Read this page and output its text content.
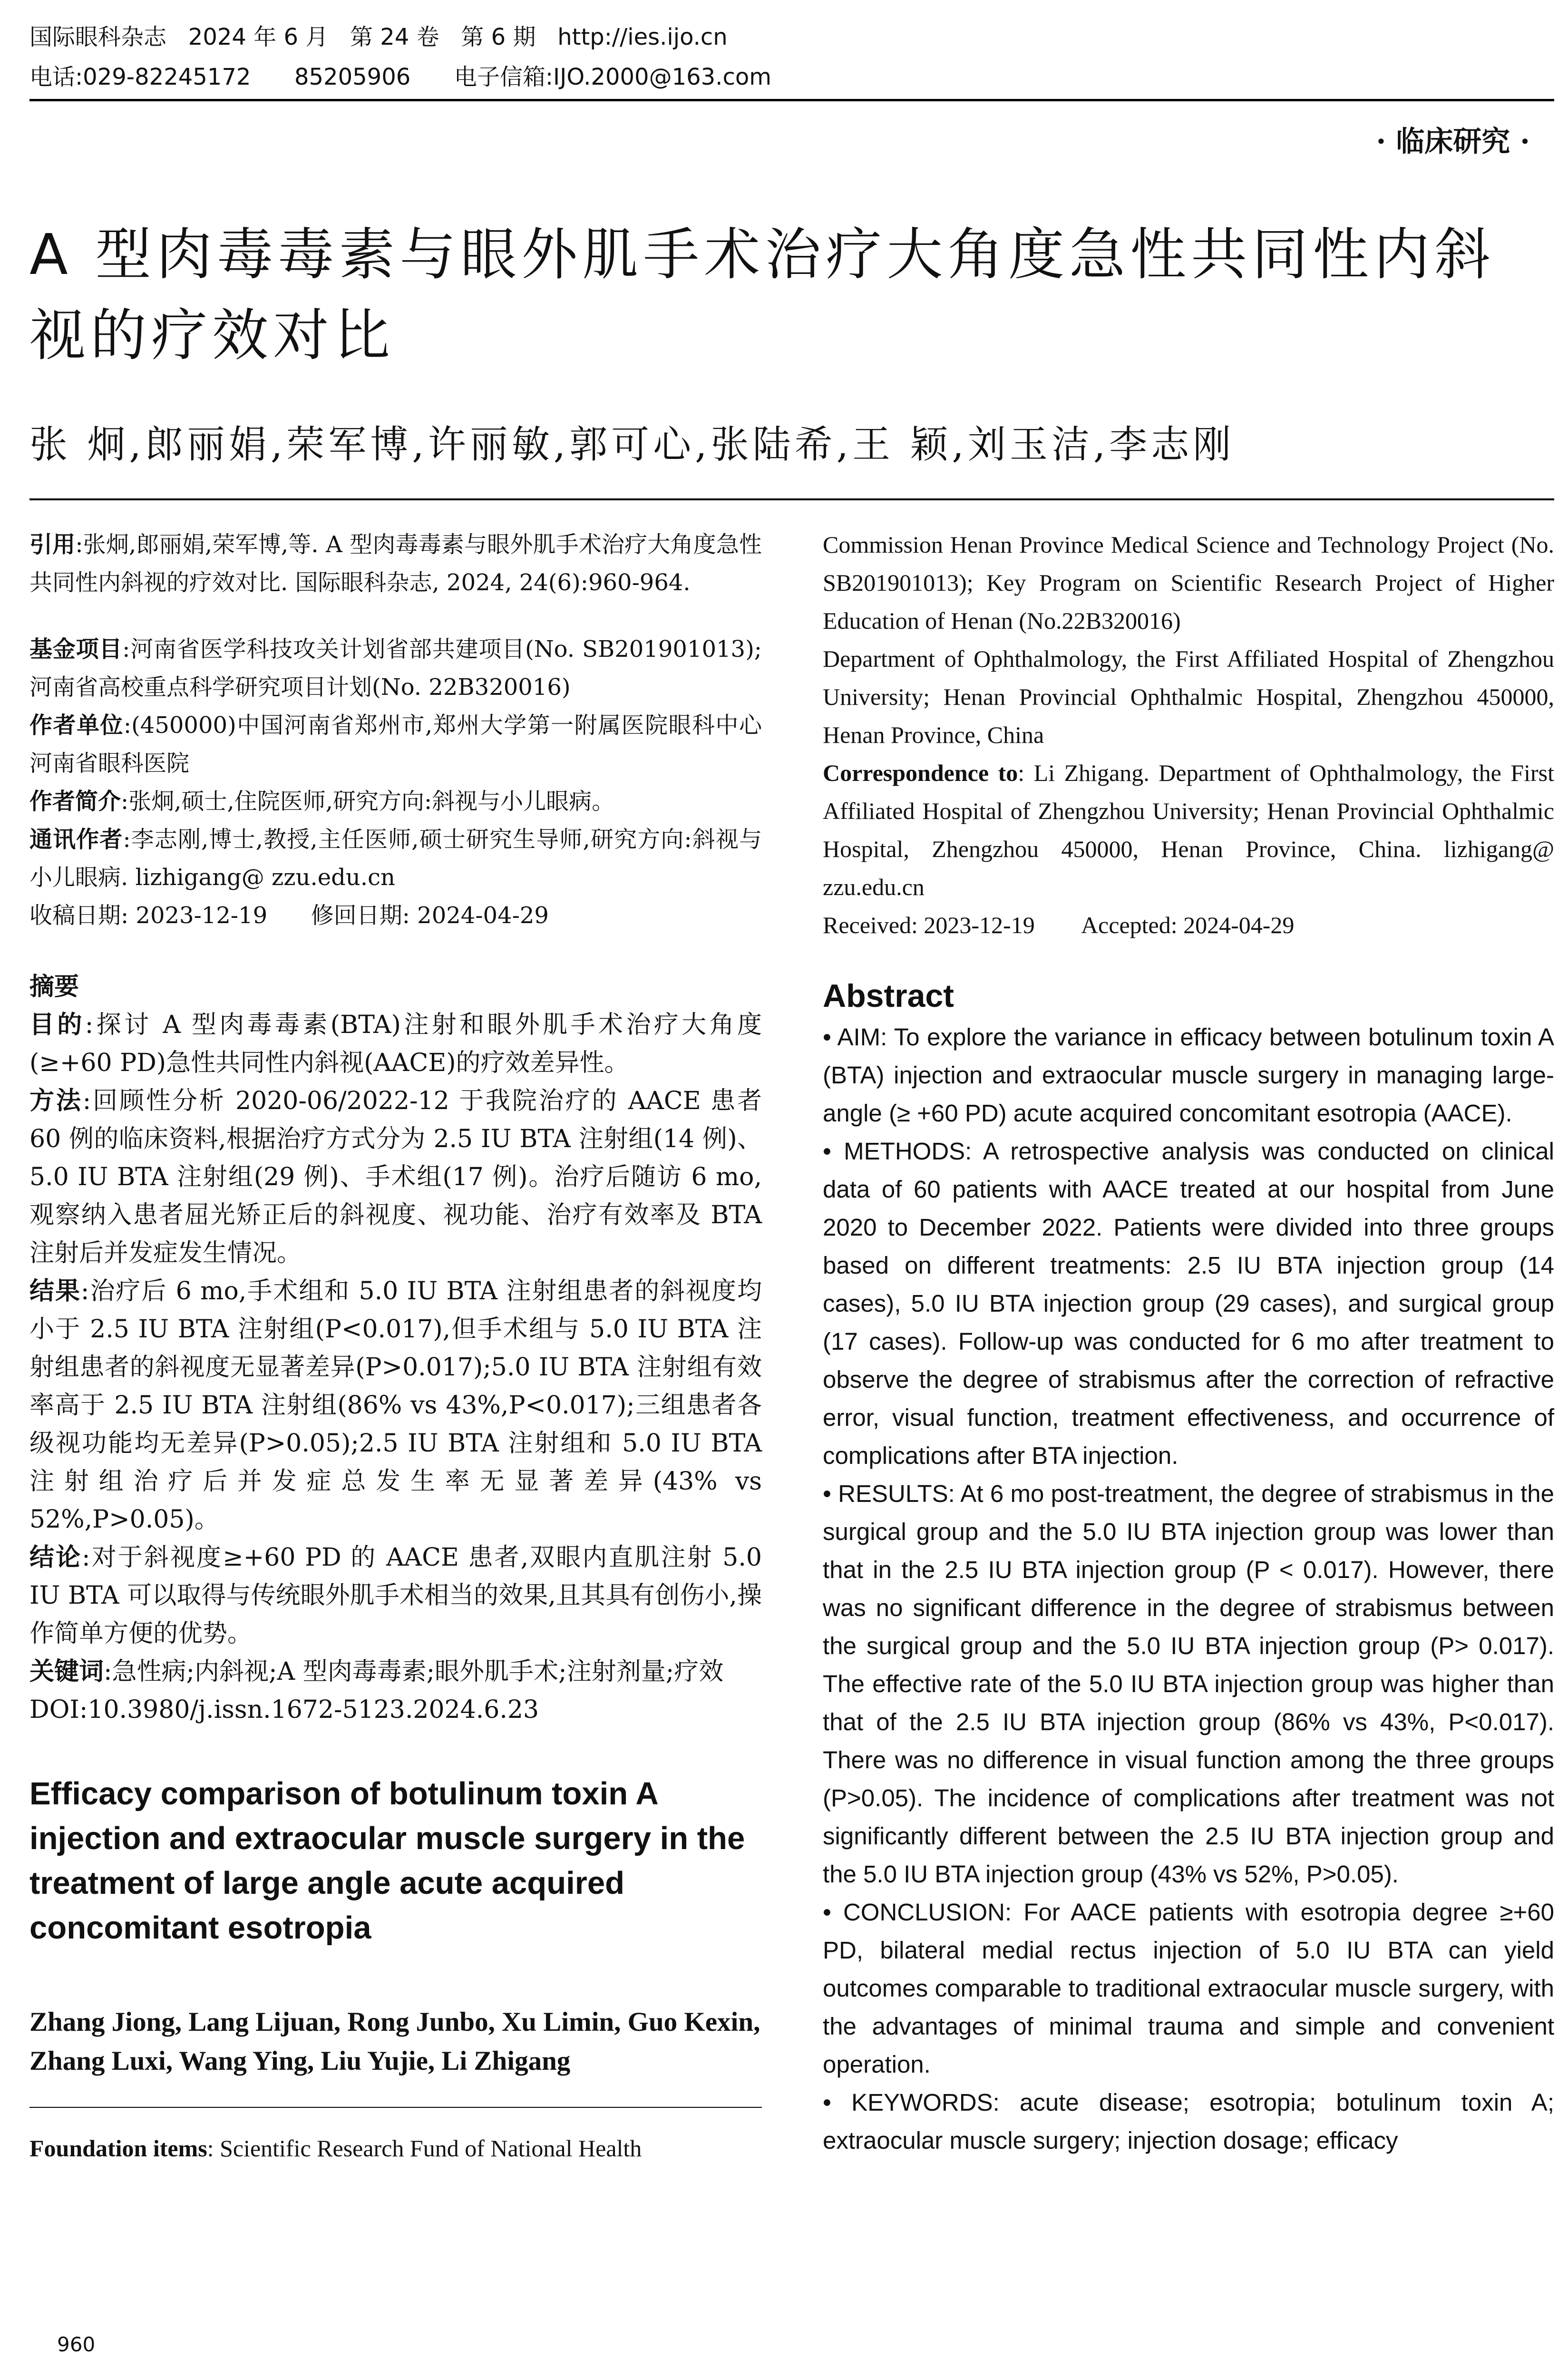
国际眼科杂志   2024 年 6 月   第 24 卷   第 6 期   http://ies.ijo.cn
电话:029-82245172      85205906      电子信箱:IJO.2000@163.com
· 临床研究 ·
A 型肉毒毒素与眼外肌手术治疗大角度急性共同性内斜视的疗效对比
张 炯,郎丽娟,荣军博,许丽敏,郭可心,张陆希,王 颖,刘玉洁,李志刚

引用:张炯,郎丽娟,荣军博,等. A 型肉毒毒素与眼外肌手术治疗大角度急性共同性内斜视的疗效对比. 国际眼科杂志, 2024, 24(6):960-964.

基金项目:河南省医学科技攻关计划省部共建项目(No. SB201901013);河南省高校重点科学研究项目计划(No. 22B320016)

作者单位:(450000)中国河南省郑州市,郑州大学第一附属医院眼科中心 河南省眼科医院

作者简介:张炯,硕士,住院医师,研究方向:斜视与小儿眼病。

通讯作者:李志刚,博士,教授,主任医师,硕士研究生导师,研究方向:斜视与小儿眼病. lizhigang@ zzu.edu.cn

收稿日期: 2023-12-19      修回日期: 2024-04-29

摘要

目的:探讨 A 型肉毒毒素(BTA)注射和眼外肌手术治疗大角度(≥+60 PD)急性共同性内斜视(AACE)的疗效差异性。

方法:回顾性分析 2020-06/2022-12 于我院治疗的 AACE 患者 60 例的临床资料,根据治疗方式分为 2.5 IU BTA 注射组(14 例)、5.0 IU BTA 注射组(29 例)、手术组(17 例)。治疗后随访 6 mo,观察纳入患者屈光矫正后的斜视度、视功能、治疗有效率及 BTA 注射后并发症发生情况。

结果:治疗后 6 mo,手术组和 5.0 IU BTA 注射组患者的斜视度均小于 2.5 IU BTA 注射组(P<0.017),但手术组与 5.0 IU BTA 注射组患者的斜视度无显著差异(P>0.017);5.0 IU BTA 注射组有效率高于 2.5 IU BTA 注射组(86% vs 43%,P<0.017);三组患者各级视功能均无差异(P>0.05);2.5 IU BTA 注射组和 5.0 IU BTA 注射组治疗后并发症总发生率无显著差异(43% vs 52%,P>0.05)。

结论:对于斜视度≥+60 PD 的 AACE 患者,双眼内直肌注射 5.0 IU BTA 可以取得与传统眼外肌手术相当的效果,且其具有创伤小,操作简单方便的优势。

关键词:急性病;内斜视;A 型肉毒毒素;眼外肌手术;注射剂量;疗效

DOI:10.3980/j.issn.1672-5123.2024.6.23

Efficacy comparison of botulinum toxin A injection and extraocular muscle surgery in the treatment of large angle acute acquired concomitant esotropia

Zhang Jiong, Lang Lijuan, Rong Junbo, Xu Limin, Guo Kexin, Zhang Luxi, Wang Ying, Liu Yujie, Li Zhigang

Foundation items: Scientific Research Fund of National Health

Commission Henan Province Medical Science and Technology Project (No. SB201901013); Key Program on Scientific Research Project of Higher Education of Henan (No.22B320016)

Department of Ophthalmology, the First Affiliated Hospital of Zhengzhou University; Henan Provincial Ophthalmic Hospital, Zhengzhou 450000, Henan Province, China

Correspondence to: Li Zhigang. Department of Ophthalmology, the First Affiliated Hospital of Zhengzhou University; Henan Provincial Ophthalmic Hospital, Zhengzhou 450000, Henan Province, China. lizhigang@ zzu.edu.cn

Received: 2023-12-19        Accepted: 2024-04-29

Abstract

• AIM: To explore the variance in efficacy between botulinum toxin A (BTA) injection and extraocular muscle surgery in managing large-angle (≥ +60 PD) acute acquired concomitant esotropia (AACE).

• METHODS: A retrospective analysis was conducted on clinical data of 60 patients with AACE treated at our hospital from June 2020 to December 2022. Patients were divided into three groups based on different treatments: 2.5 IU BTA injection group (14 cases), 5.0 IU BTA injection group (29 cases), and surgical group (17 cases). Follow-up was conducted for 6 mo after treatment to observe the degree of strabismus after the correction of refractive error, visual function, treatment effectiveness, and occurrence of complications after BTA injection.

• RESULTS: At 6 mo post-treatment, the degree of strabismus in the surgical group and the 5.0 IU BTA injection group was lower than that in the 2.5 IU BTA injection group (P < 0.017). However, there was no significant difference in the degree of strabismus between the surgical group and the 5.0 IU BTA injection group (P> 0.017). The effective rate of the 5.0 IU BTA injection group was higher than that of the 2.5 IU BTA injection group (86% vs 43%, P<0.017). There was no difference in visual function among the three groups (P>0.05). The incidence of complications after treatment was not significantly different between the 2.5 IU BTA injection group and the 5.0 IU BTA injection group (43% vs 52%, P>0.05).

• CONCLUSION: For AACE patients with esotropia degree ≥+60 PD, bilateral medial rectus injection of 5.0 IU BTA can yield outcomes comparable to traditional extraocular muscle surgery, with the advantages of minimal trauma and simple and convenient operation.

• KEYWORDS: acute disease; esotropia; botulinum toxin A; extraocular muscle surgery; injection dosage; efficacy

960
